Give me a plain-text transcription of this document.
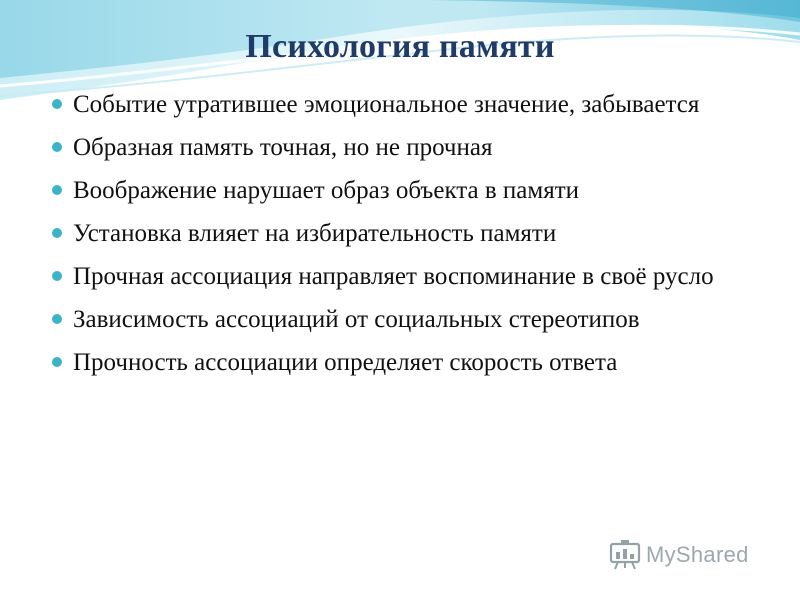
Психология памяти
Событие утратившее эмоциональное значение, забывается
Образная память точная, но не прочная
Воображение нарушает образ объекта в памяти
Установка влияет на избирательность памяти
Прочная ассоциация направляет воспоминание в своё русло
Зависимость ассоциаций от социальных стереотипов
Прочность ассоциации определяет скорость ответа
MyShared
